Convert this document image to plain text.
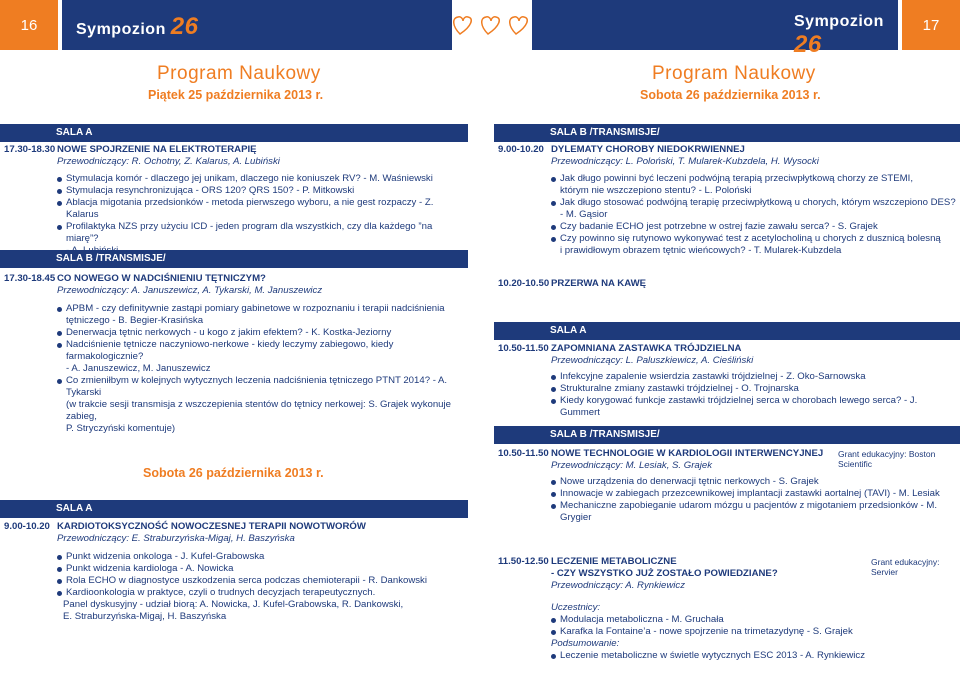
16	Sympozion 26	Sympozion 26
17
Program Naukowy
Piątek 25 października 2013 r.
SALA A
17.30-18.30 NOWE SPOJRZENIE NA ELEKTROTERAPIĘ
Przewodniczący: R. Ochotny, Z. Kalarus, A. Lubiński
Stymulacja komór - dlaczego jej unikam, dlaczego nie koniuszek RV? - M. Waśniewski
Stymulacja resynchronizująca - ORS 120? QRS 150? - P. Mitkowski
Ablacja migotania przedsionków - metoda pierwszego wyboru, a nie gest rozpaczy - Z. Kalarus
Profilaktyka NZS przy użyciu ICD - jeden program dla wszystkich, czy dla każdego ”na miarę”?
SALA B /TRANSMISJE/
17.30-18.45 CO NOWEGO W NADCIŚNIENIU TĘTNICZYM?
Przewodniczący: A. Januszewicz, A. Tykarski, M. Januszewicz
APBM - czy definitywnie zastąpi pomiary gabinetowe w rozpoznaniu i terapii nadciśnienia
tętniczego - B. Begier-Krasińska
Denerwacja tętnic nerkowych - u kogo z jakim efektem? - K. Kostka-Jeziorny
Nadciśnienie tętnicze naczyniowo-nerkowe - kiedy leczymy zabiegowo, kiedy farmakologicznie?
- A. Januszewicz, M. Januszewicz
Co zmieniłbym w kolejnych wytycznych leczenia nadciśnienia tętniczego PTNT 2014? - A. Tykarski
(w trakcie sesji transmisja z wszczepienia stentów do tętnicy nerkowej: S. Grajek wykonuje zabieg,
P. Stryczyński komentuje)
Sobota 26 października 2013 r.
SALA A
9.00-10.20 KARDIOTOKSYCZNOŚĆ NOWOCZESNEJ TERAPII NOWOTWORÓW
Przewodniczący: E. Straburzyńska-Migaj, H. Baszyńska
Punkt widzenia onkologa - J. Kufel-Grabowska
Punkt widzenia kardiologa - A. Nowicka
Rola ECHO w diagnostyce uszkodzenia serca podczas chemioterapii - R. Dankowski
Kardioonkologia w praktyce, czyli o trudnych decyzjach terapeutycznych.
Panel dyskusyjny - udział biorą: A. Nowicka, J. Kufel-Grabowska, R. Dankowski,
E. Straburzyńska-Migaj, H. Baszyńska
Program Naukowy
Sobota 26 października 2013 r.
SALA B /TRANSMISJE/
9.00-10.20 DYLEMATY CHOROBY NIEDOKRWIENNEJ
Przewodniczący: L. Poloński, T. Mularek-Kubzdela, H. Wysocki
Jak długo powinni być leczeni podwójną terapią przeciwpłytkową chorzy ze STEMI,
którym nie wszczepiono stentu? - L. Poloński
Jak długo stosować podwójną terapię przeciwpłytkową u chorych, którym wszczepiono DES?
- M. Gąsior
Czy badanie ECHO jest potrzebne w ostrej fazie zawału serca? - S. Grajek
Czy powinno się rutynowo wykonywać test z acetylocholiną u chorych z dusznicą bolesną
i prawidłowym obrazem tętnic wieńcowych? - T. Mularek-Kubzdela
10.20-10.50 PRZERWA NA KAWĘ
SALA A
10.50-11.50 ZAPOMNIANA ZASTAWKA TRÓJDZIELNA
Przewodniczący: L. Paluszkiewicz, A. Cieśliński
Infekcyjne zapalenie wsierdzia zastawki trójdzielnej - Z. Oko-Sarnowska
Strukturalne zmiany zastawki trójdzielnej - O. Trojnarska
Kiedy korygować funkcje zastawki trójdzielnej serca w chorobach lewego serca? - J. Gummert
SALA B /TRANSMISJE/
10.50-11.50 NOWE TECHNOLOGIE W KARDIOLOGII INTERWENCYJNEJ
Przewodniczący: M. Lesiak, S. Grajek
Grant edukacyjny: Boston Scientific
Nowe urządzenia do denerwacji tętnic nerkowych - S. Grajek
Innowacje w zabiegach przezcewnikowej implantacji zastawki aortalnej (TAVI) - M. Lesiak
Mechaniczne zapobieganie udarom mózgu u pacjentów z migotaniem przedsionków - M. Grygier
11.50-12.50 LECZENIE METABOLICZNE
- CZY WSZYSTKO JUŻ ZOSTAŁO POWIEDZIANE?
Przewodniczący: A. Rynkiewicz
Grant edukacyjny: Servier
Uczestnicy:
Modulacja metaboliczna - M. Gruchała
Karafka la Fontaine’a - nowe spojrzenie na trimetazydynę - S. Grajek
Podsumowanie:
Leczenie metaboliczne w świetle wytycznych ESC 2013 - A. Rynkiewicz
